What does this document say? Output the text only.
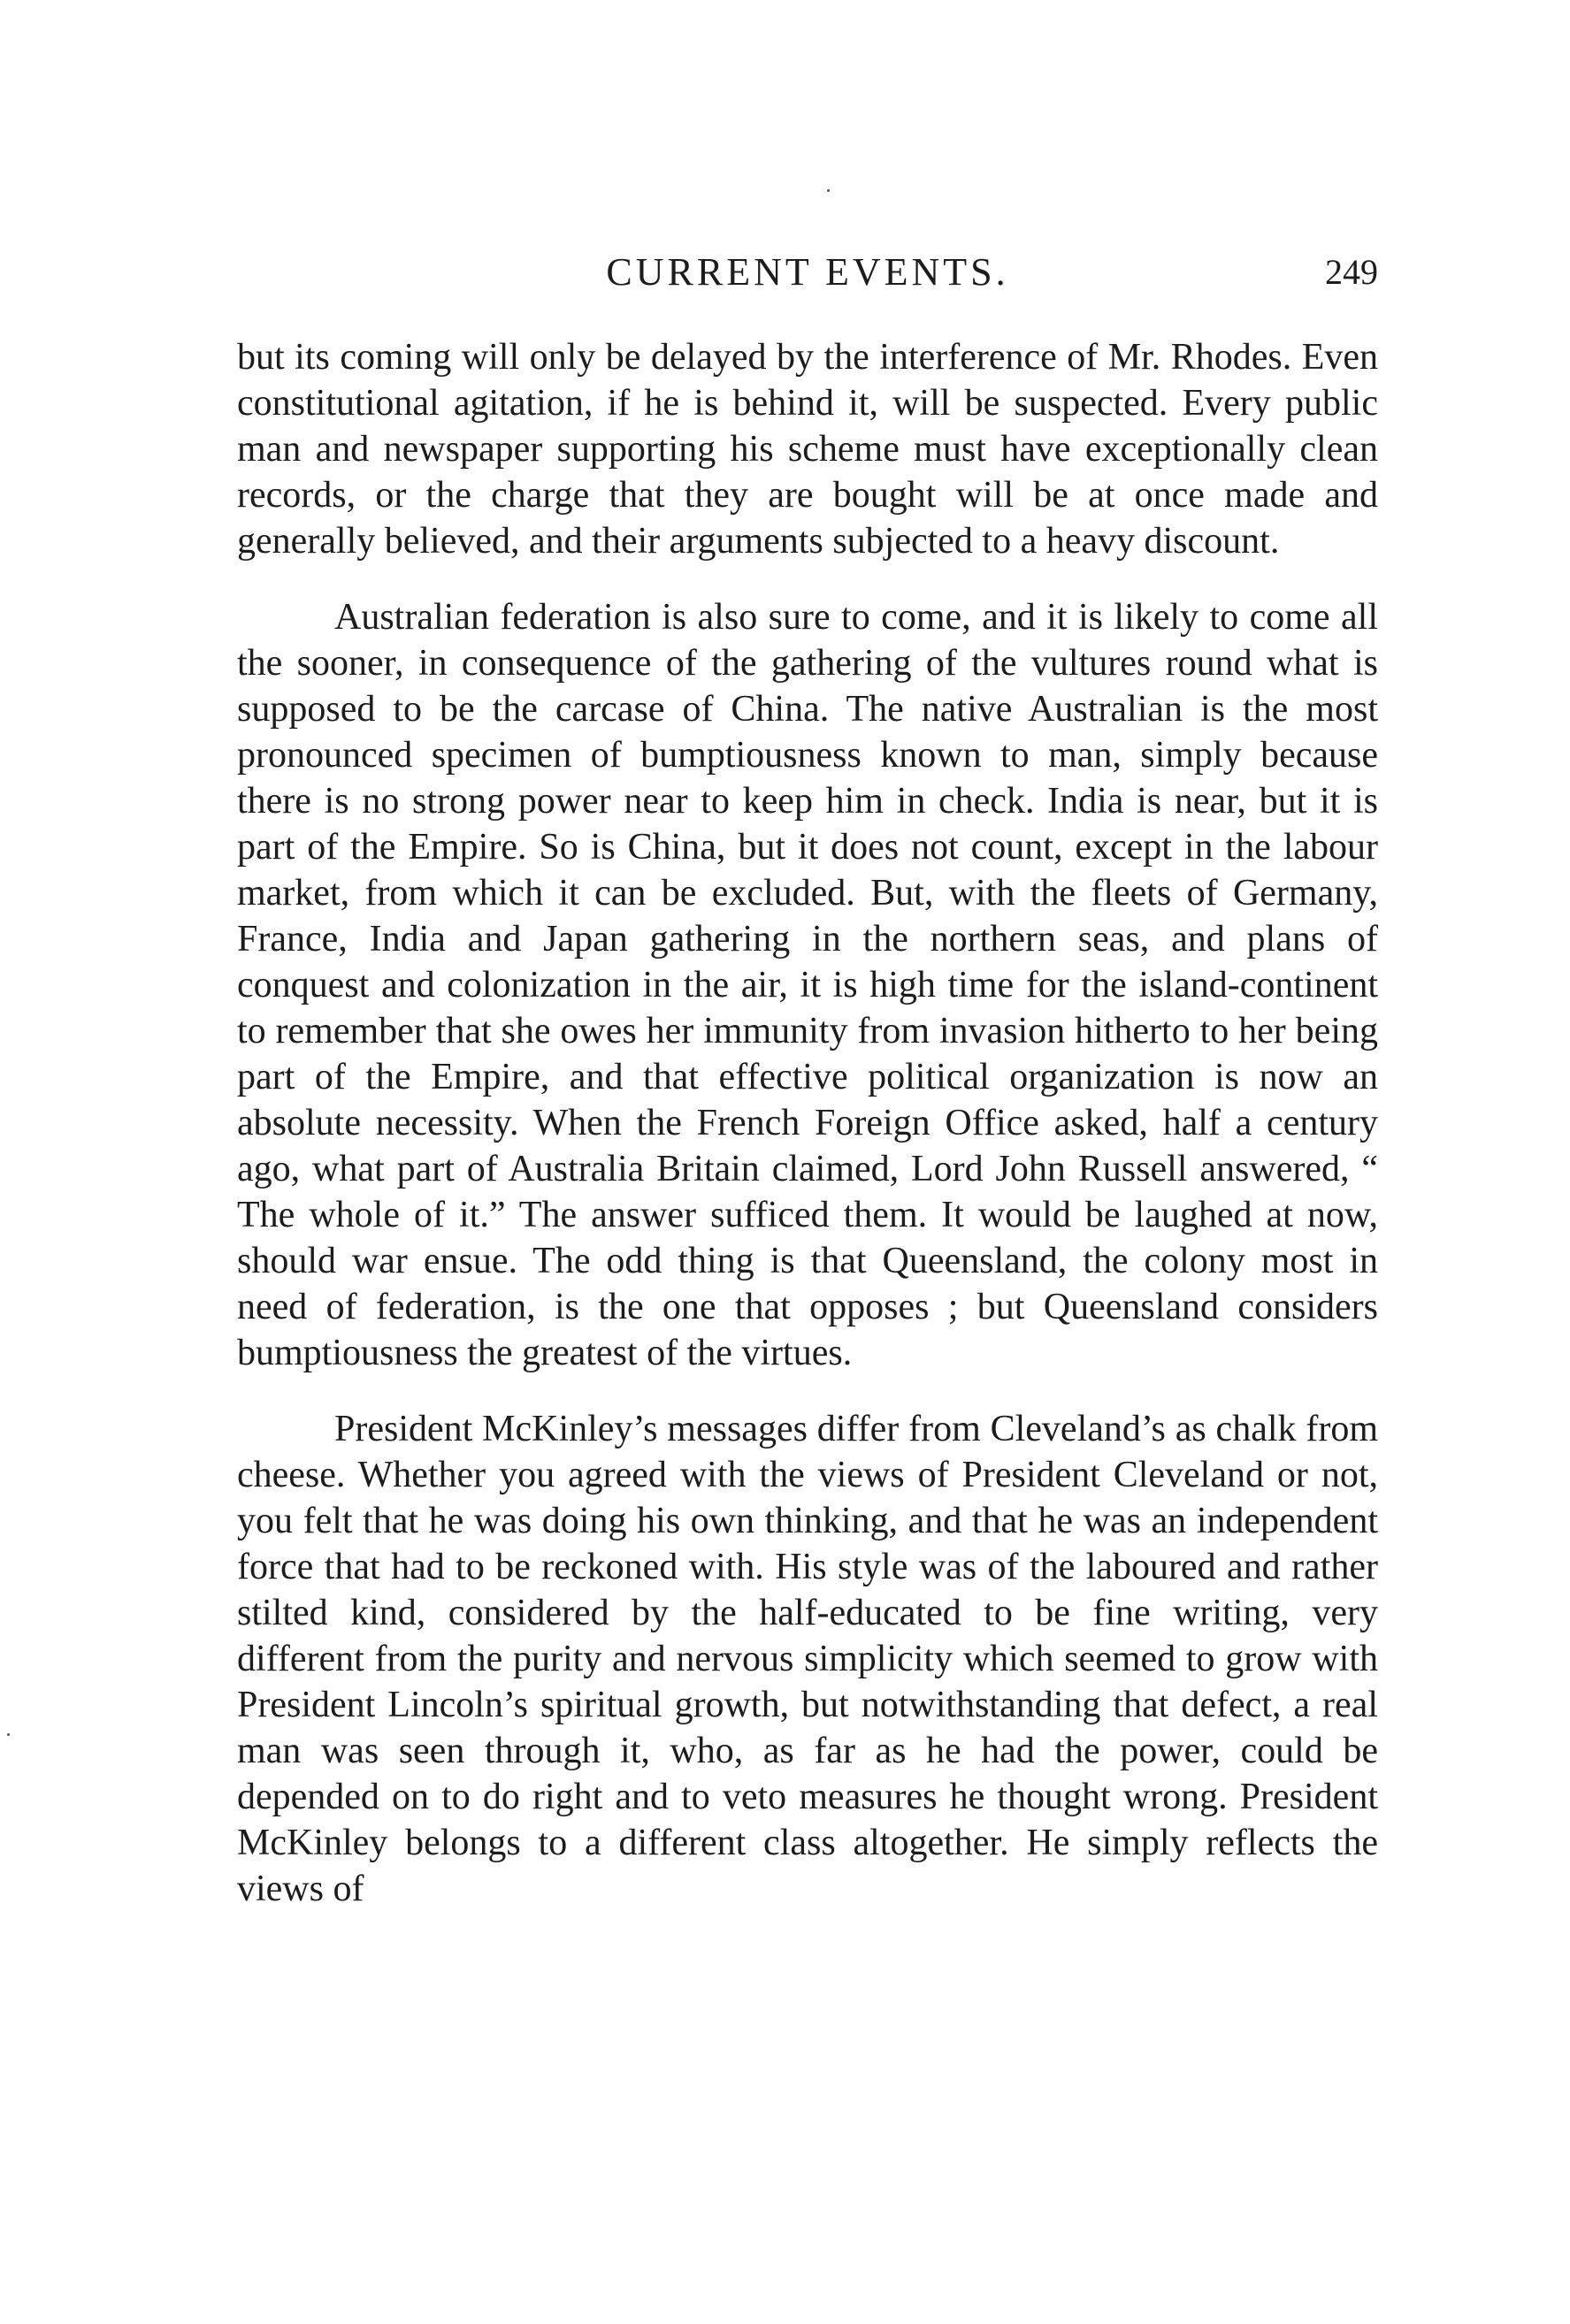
CURRENT EVENTS.	249

but its coming will only be delayed by the interference of Mr. Rhodes. Even constitutional agitation, if he is behind it, will be suspected. Every public man and newspaper supporting his scheme must have exceptionally clean records, or the charge that they are bought will be at once made and generally believed, and their arguments subjected to a heavy discount.

Australian federation is also sure to come, and it is likely to come all the sooner, in consequence of the gathering of the vultures round what is supposed to be the carcase of China. The native Australian is the most pronounced specimen of bumptiousness known to man, simply because there is no strong power near to keep him in check. India is near, but it is part of the Empire. So is China, but it does not count, except in the labour market, from which it can be excluded. But, with the fleets of Germany, France, India and Japan gathering in the northern seas, and plans of conquest and colonization in the air, it is high time for the island-continent to remember that she owes her immunity from invasion hitherto to her being part of the Empire, and that effective political organization is now an absolute necessity. When the French Foreign Office asked, half a century ago, what part of Australia Britain claimed, Lord John Russell answered, “ The whole of it.” The answer sufficed them. It would be laughed at now, should war ensue. The odd thing is that Queensland, the colony most in need of federation, is the one that opposes ; but Queensland considers bumptiousness the greatest of the virtues.

President McKinley’s messages differ from Cleveland’s as chalk from cheese. Whether you agreed with the views of President Cleveland or not, you felt that he was doing his own thinking, and that he was an independent force that had to be reckoned with. His style was of the laboured and rather stilted kind, considered by the half-educated to be fine writing, very different from the purity and nervous simplicity which seemed to grow with President Lincoln’s spiritual growth, but notwithstanding that defect, a real man was seen through it, who, as far as he had the power, could be depended on to do right and to veto measures he thought wrong. President McKinley belongs to a different class altogether. He simply reflects the views of
